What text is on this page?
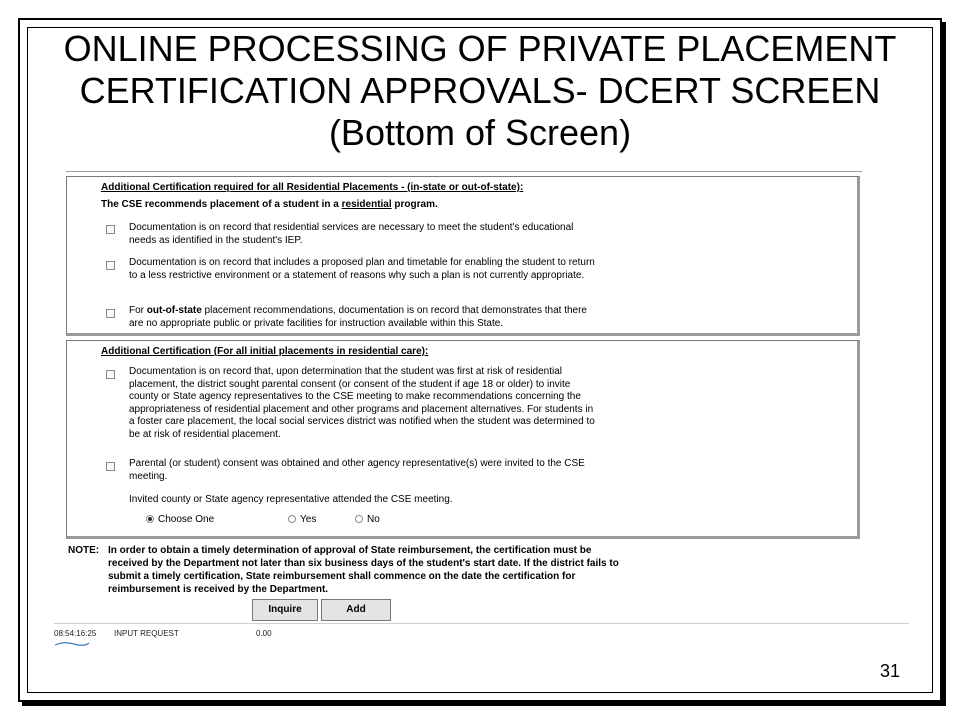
ONLINE PROCESSING OF PRIVATE PLACEMENT CERTIFICATION APPROVALS- DCERT SCREEN (Bottom of Screen)
Additional Certification required for all Residential Placements - (in-state or out-of-state):
The CSE recommends placement of a student in a residential program.
Documentation is on record that residential services are necessary to meet the student's educational needs as identified in the student's IEP.
Documentation is on record that includes a proposed plan and timetable for enabling the student to return to a less restrictive environment or a statement of reasons why such a plan is not currently appropriate.
For out-of-state placement recommendations, documentation is on record that demonstrates that there are no appropriate public or private facilities for instruction available within this State.
Additional Certification (For all initial placements in residential care):
Documentation is on record that, upon determination that the student was first at risk of residential placement, the district sought parental consent (or consent of the student if age 18 or older) to invite county or State agency representatives to the CSE meeting to make recommendations concerning the appropriateness of residential placement and other programs and placement alternatives. For students in a foster care placement, the local social services district was notified when the student was determined to be at risk of residential placement.
Parental (or student) consent was obtained and other agency representative(s) were invited to the CSE meeting.
Invited county or State agency representative attended the CSE meeting.
Choose One	Yes	No
NOTE: In order to obtain a timely determination of approval of State reimbursement, the certification must be received by the Department not later than six business days of the student's start date. If the district fails to submit a timely certification, State reimbursement shall commence on the date the certification for reimbursement is received by the Department.
Inquire	Add
08:54:16:25 INPUT REQUEST	0.00
31
